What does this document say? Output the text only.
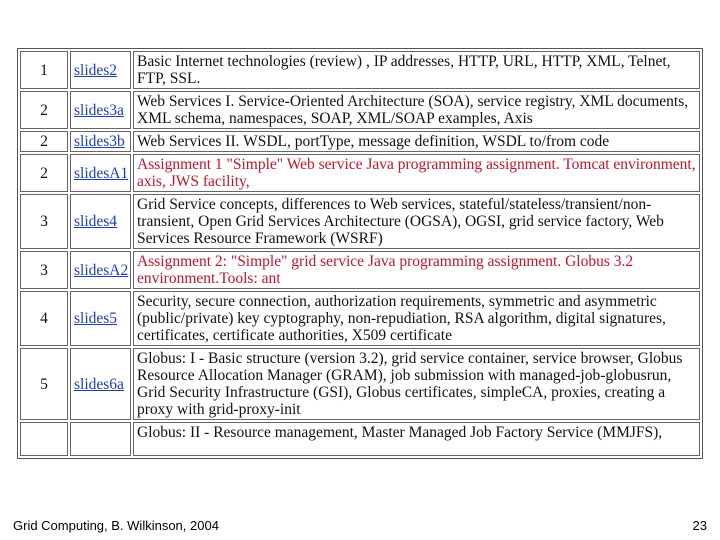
1	slides2	Basic Internet technologies (review) , IP addresses, HTTP, URL, HTTP, XML, Telnet, FTP, SSL.
2	slides3a	Web Services I. Service-Oriented Architecture (SOA), service registry, XML documents, XML schema, namespaces, SOAP, XML/SOAP examples, Axis
2	slides3b	Web Services II. WSDL, portType, message definition, WSDL to/from code
2	slidesA1	Assignment 1 "Simple" Web service Java programming assignment. Tomcat environment, axis, JWS facility,
3	slides4	Grid Service concepts, differences to Web services, stateful/stateless/transient/non-transient, Open Grid Services Architecture (OGSA), OGSI, grid service factory, Web Services Resource Framework (WSRF)
3	slidesA2	Assignment 2: "Simple" grid service Java programming assignment. Globus 3.2 environment.Tools: ant
4	slides5	Security, secure connection, authorization requirements, symmetric and asymmetric (public/private) key cyptography, non-repudiation, RSA algorithm, digital signatures, certificates, certificate authorities, X509 certificate
5	slides6a	Globus: I - Basic structure (version 3.2), grid service container, service browser, Globus Resource Allocation Manager (GRAM), job submission with managed-job-globusrun, Grid Security Infrastructure (GSI), Globus certificates, simpleCA, proxies, creating a proxy with grid-proxy-init
		Globus: II - Resource management, Master Managed Job Factory Service (MMJFS),
Grid Computing, B. Wilkinson, 2004	23
